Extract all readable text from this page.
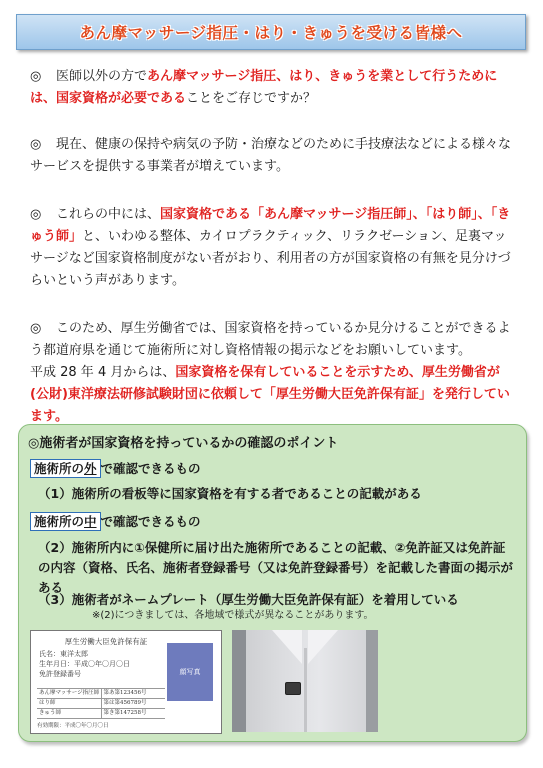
あん摩マッサージ指圧・はり・きゅうを受ける皆様へ
◎ 医師以外の方であん摩マッサージ指圧、はり、きゅうを業として行うためには、国家資格が必要であることをご存じですか？
◎ 現在、健康の保持や病気の予防・治療などのために手技療法などによる様々なサービスを提供する事業者が増えています。
◎ これらの中には、国家資格である「あん摩マッサージ指圧師」、「はり師」、「きゅう師」と、いわゆる整体、カイロプラクティック、リラクゼーション、足裏マッサージなど国家資格制度がない者がおり、利用者の方が国家資格の有無を見分けづらいという声があります。
◎ このため、厚生労働省では、国家資格を持っているか見分けることができるよう都道府県を通じて施術所に対し資格情報の掲示などをお願いしています。
平成 28 年 4 月からは、国家資格を保有していることを示すため、厚生労働省が(公財)東洋療法研修試験財団に依頼して「厚生労働大臣免許保有証」を発行しています。
◎施術者が国家資格を持っているかの確認のポイント
施術所の外 で確認できるもの
（1）施術所の看板等に国家資格を有する者であることの記載がある
施術所の中 で確認できるもの
（2）施術所内に①保健所に届け出た施術所であることの記載、②免許証又は免許証の内容（資格、氏名、施術者登録番号（又は免許登録番号）を記載した書面の掲示がある
（3）施術者がネームプレート（厚生労働大臣免許保有証）を着用している
※(2)につきましては、各地域で様式が異なることがあります。
厚生労働大臣免許保有証
氏名：東洋太郎
生年月日：平成〇年〇月〇日
免許登録番号	顔写真
あん摩マッサージ指圧師 第あ第123456号
はり師	第は第456789号
きゅう師	第き第147258号
有効期限：平成〇年〇月〇日
